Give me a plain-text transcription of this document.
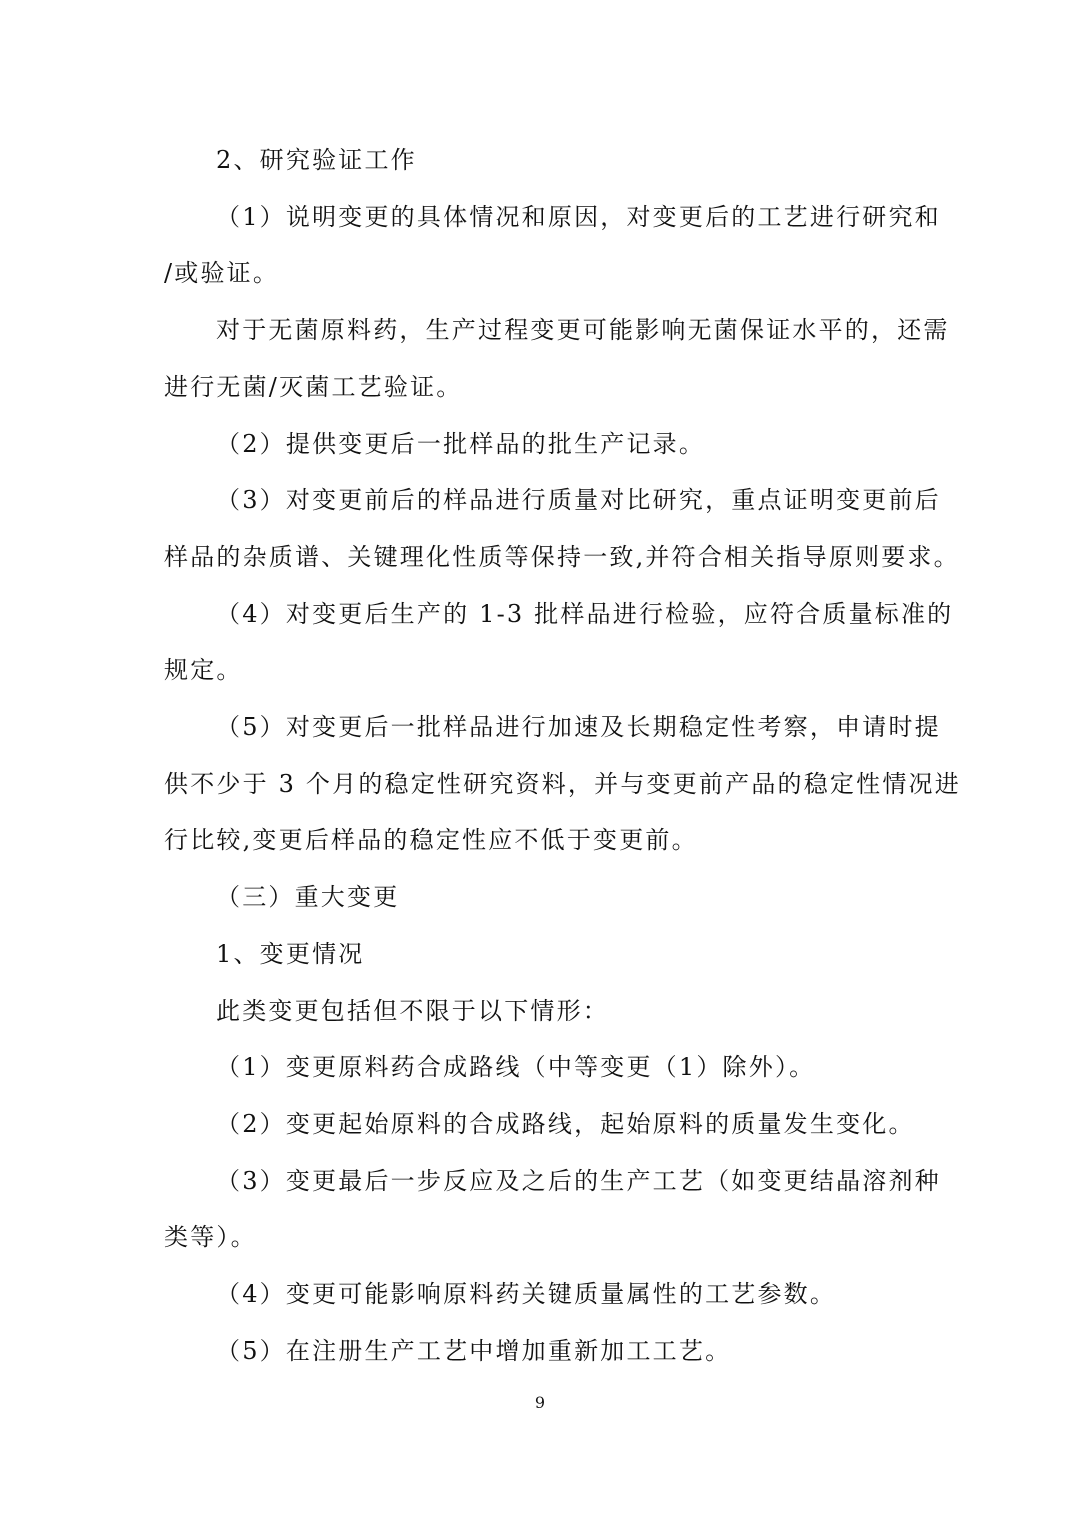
2、研究验证工作

（1）说明变更的具体情况和原因，对变更后的工艺进行研究和

/或验证。

对于无菌原料药，生产过程变更可能影响无菌保证水平的，还需

进行无菌/灭菌工艺验证。

（2）提供变更后一批样品的批生产记录。

（3）对变更前后的样品进行质量对比研究，重点证明变更前后

样品的杂质谱、关键理化性质等保持一致,并符合相关指导原则要求。

（4）对变更后生产的 1-3 批样品进行检验，应符合质量标准的

规定。

（5）对变更后一批样品进行加速及长期稳定性考察，申请时提

供不少于 3 个月的稳定性研究资料，并与变更前产品的稳定性情况进

行比较,变更后样品的稳定性应不低于变更前。

（三）重大变更

1、变更情况

此类变更包括但不限于以下情形：

（1）变更原料药合成路线（中等变更（1）除外）。

（2）变更起始原料的合成路线，起始原料的质量发生变化。

（3）变更最后一步反应及之后的生产工艺（如变更结晶溶剂种

类等）。

（4）变更可能影响原料药关键质量属性的工艺参数。

（5）在注册生产工艺中增加重新加工工艺。

9
